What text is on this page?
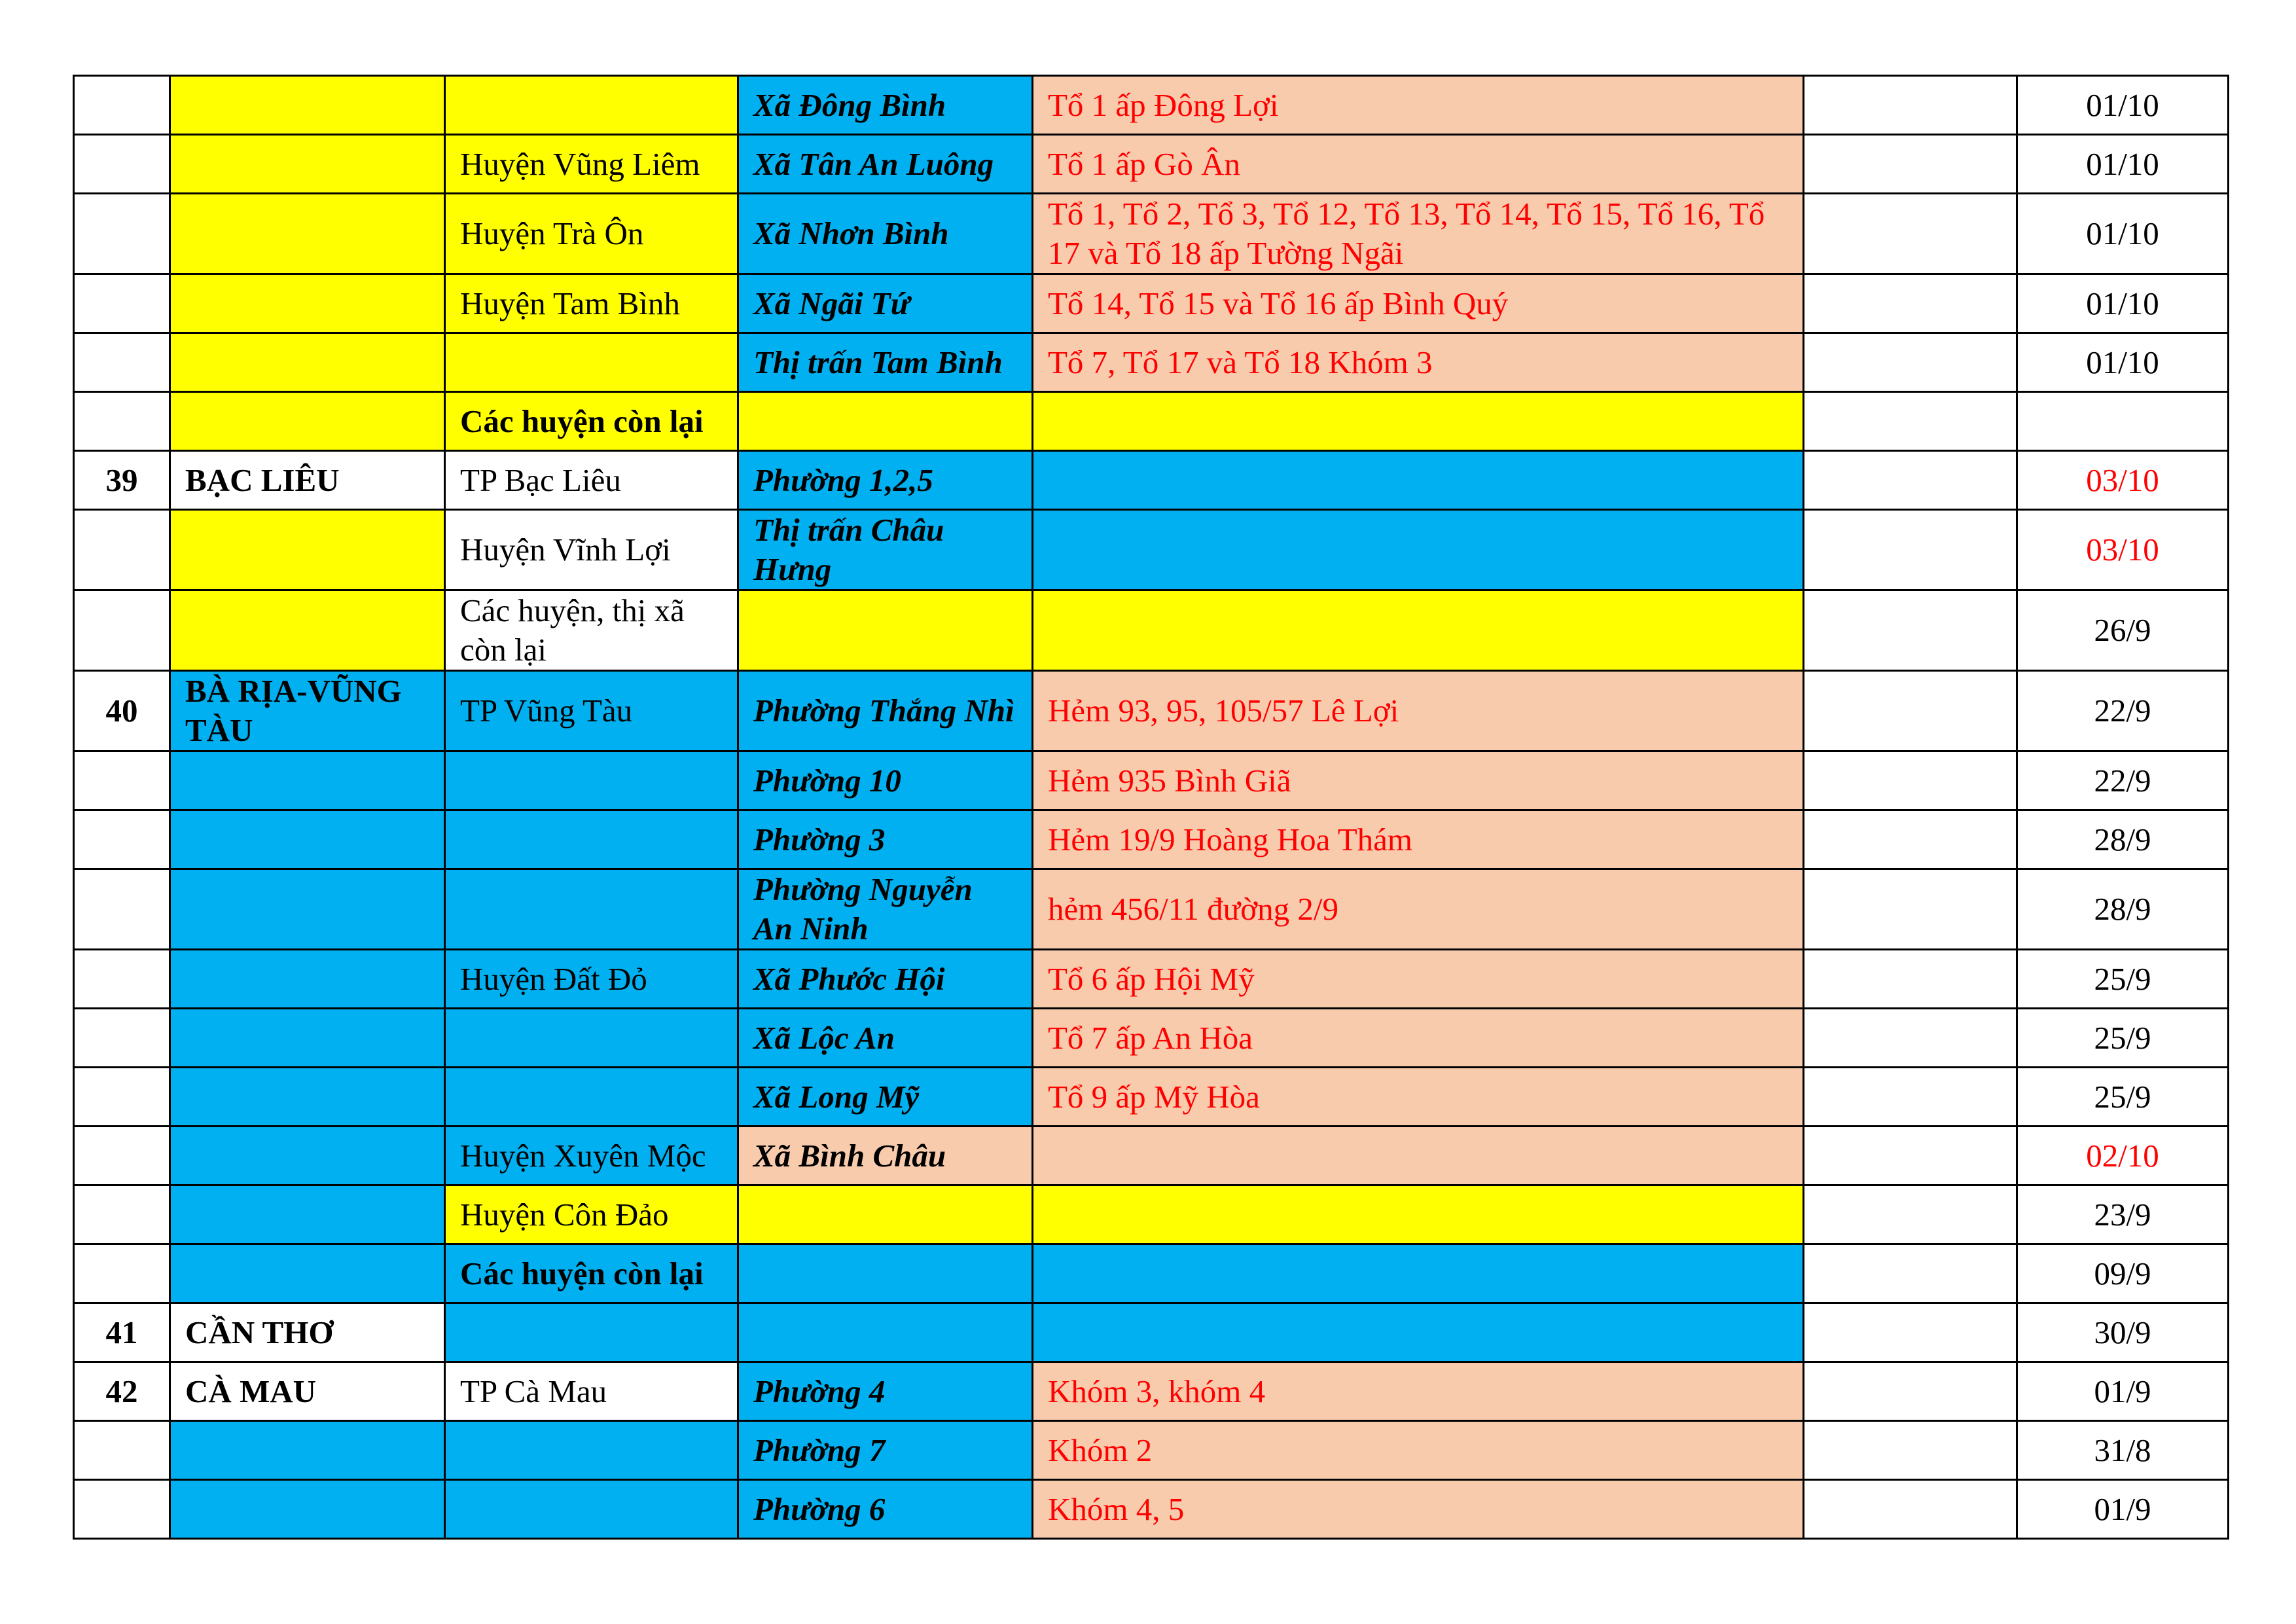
			Xã Đông Bình	Tổ 1 ấp Đông Lợi		01/10
		Huyện Vũng Liêm	Xã Tân An Luông	Tổ 1 ấp Gò Ân		01/10
		Huyện Trà Ôn	Xã Nhơn Bình	Tổ 1, Tổ 2, Tổ 3, Tổ 12, Tổ 13, Tổ 14, Tổ 15, Tổ 16, Tổ 17 và Tổ 18 ấp Tường Ngãi		01/10
		Huyện Tam Bình	Xã Ngãi Tứ	Tổ 14, Tổ 15 và Tổ 16 ấp Bình Quý		01/10
			Thị trấn Tam Bình	Tổ 7, Tổ 17 và Tổ 18 Khóm 3		01/10
		Các huyện còn lại				
39	BẠC LIÊU	TP Bạc Liêu	Phường 1,2,5			03/10
		Huyện Vĩnh Lợi	Thị trấn Châu Hưng			03/10
		Các huyện, thị xã còn lại				26/9
40	BÀ RỊA-VŨNG TÀU	TP Vũng Tàu	Phường Thắng Nhì	Hẻm 93, 95, 105/57 Lê Lợi		22/9
			Phường 10	Hẻm 935 Bình Giã		22/9
			Phường 3	Hẻm 19/9 Hoàng Hoa Thám		28/9
			Phường Nguyễn An Ninh	hẻm 456/11 đường 2/9		28/9
		Huyện Đất Đỏ	Xã Phước Hội	Tổ 6 ấp Hội Mỹ		25/9
			Xã Lộc An	Tổ 7 ấp An Hòa		25/9
			Xã Long Mỹ	Tổ 9 ấp Mỹ Hòa		25/9
		Huyện Xuyên Mộc	Xã Bình Châu			02/10
		Huyện Côn Đảo				23/9
		Các huyện còn lại				09/9
41	CẦN THƠ					30/9
42	CÀ MAU	TP Cà Mau	Phường 4	Khóm 3, khóm 4		01/9
			Phường 7	Khóm 2		31/8
			Phường 6	Khóm 4, 5		01/9
